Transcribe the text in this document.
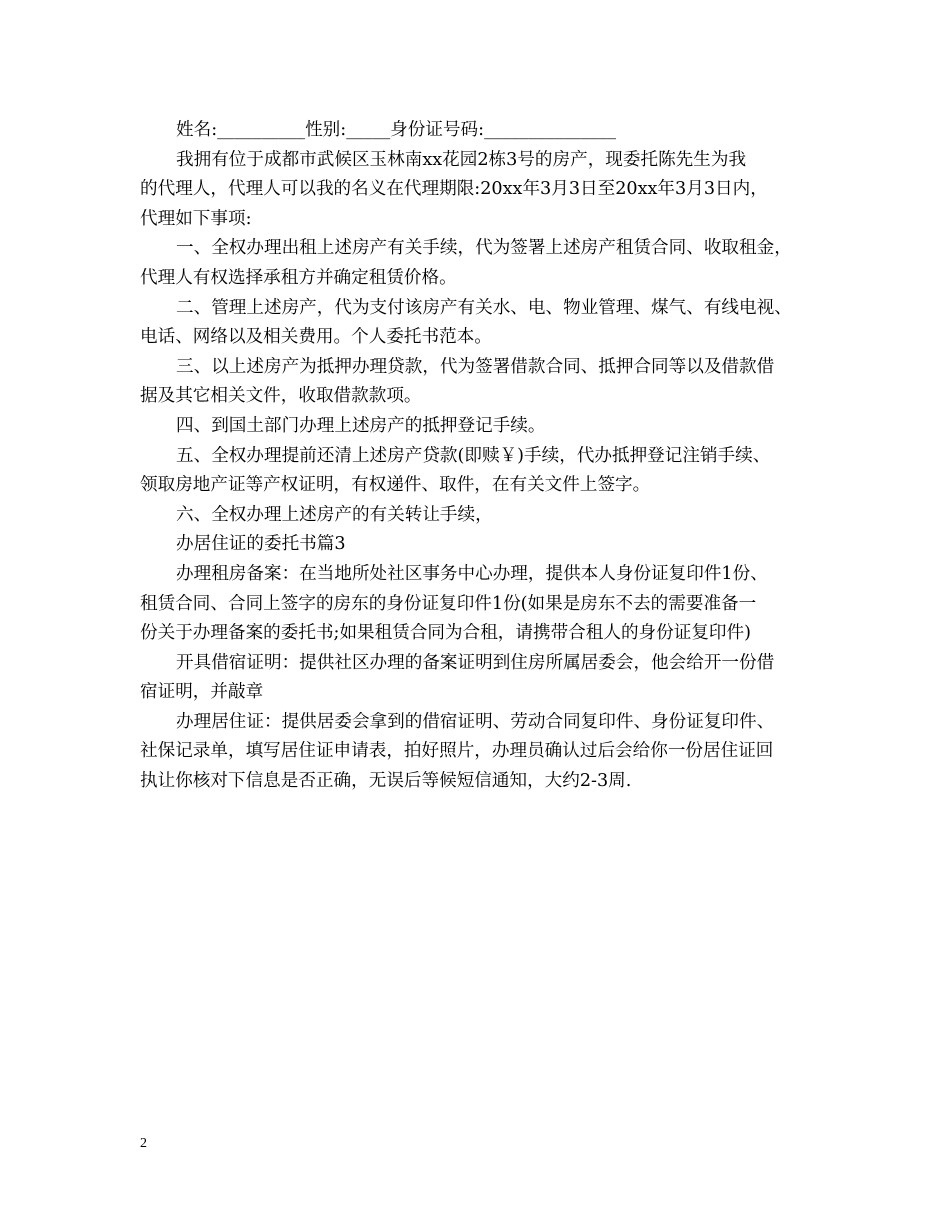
姓名:__________性别:_____身份证号码:_______________
我拥有位于成都市武候区玉林南xx花园2栋3号的房产，现委托陈先生为我
的代理人，代理人可以我的名义在代理期限:20xx年3月3日至20xx年3月3日内，
代理如下事项:
一、全权办理出租上述房产有关手续，代为签署上述房产租赁合同、收取租金，
代理人有权选择承租方并确定租赁价格。
二、管理上述房产，代为支付该房产有关水、电、物业管理、煤气、有线电视、
电话、网络以及相关费用。个人委托书范本。
三、以上述房产为抵押办理贷款，代为签署借款合同、抵押合同等以及借款借
据及其它相关文件，收取借款款项。
四、到国土部门办理上述房产的抵押登记手续。
五、全权办理提前还清上述房产贷款(即赎￥)手续，代办抵押登记注销手续、
领取房地产证等产权证明，有权递件、取件，在有关文件上签字。
六、全权办理上述房产的有关转让手续，
办居住证的委托书篇3
办理租房备案：在当地所处社区事务中心办理，提供本人身份证复印件1份、
租赁合同、合同上签字的房东的身份证复印件1份(如果是房东不去的需要准备一
份关于办理备案的委托书;如果租赁合同为合租，请携带合租人的身份证复印件)
开具借宿证明：提供社区办理的备案证明到住房所属居委会，他会给开一份借
宿证明，并敲章
办理居住证：提供居委会拿到的借宿证明、劳动合同复印件、身份证复印件、
社保记录单，填写居住证申请表，拍好照片，办理员确认过后会给你一份居住证回
执让你核对下信息是否正确，无误后等候短信通知，大约2-3周.
2
